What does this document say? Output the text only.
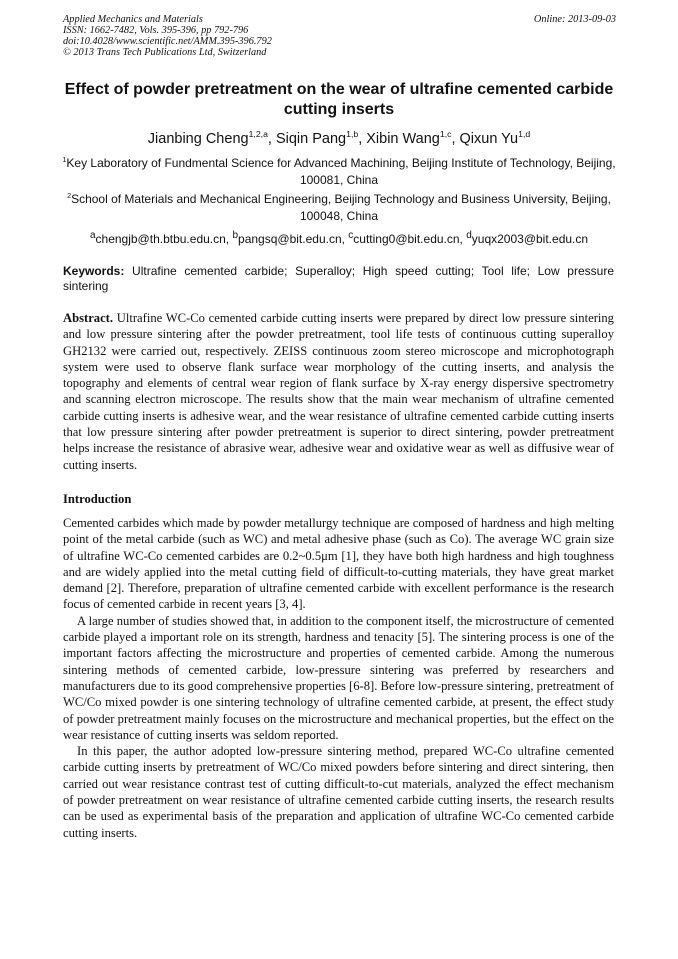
Applied Mechanics and Materials
ISSN: 1662-7482, Vols. 395-396, pp 792-796
doi:10.4028/www.scientific.net/AMM.395-396.792
© 2013 Trans Tech Publications Ltd, Switzerland
Online: 2013-09-03
Effect of powder pretreatment on the wear of ultrafine cemented carbide cutting inserts
Jianbing Cheng$^{1,2,a}$, Siqin Pang$^{1,b}$, Xibin Wang$^{1,c}$, Qixun Yu$^{1,d}$
$^1$Key Laboratory of Fundmental Science for Advanced Machining, Beijing Institute of Technology, Beijing, 100081, China
$^2$School of Materials and Mechanical Engineering, Beijing Technology and Business University, Beijing, 100048, China
$^a$chengjb@th.btbu.edu.cn, $^b$pangsq@bit.edu.cn, $^c$cutting0@bit.edu.cn, $^d$yuqx2003@bit.edu.cn
Keywords: Ultrafine cemented carbide; Superalloy; High speed cutting; Tool life; Low pressure sintering
Abstract. Ultrafine WC-Co cemented carbide cutting inserts were prepared by direct low pressure sintering and low pressure sintering after the powder pretreatment, tool life tests of continuous cutting superalloy GH2132 were carried out, respectively. ZEISS continuous zoom stereo microscope and microphotograph system were used to observe flank surface wear morphology of the cutting inserts, and analysis the topography and elements of central wear region of flank surface by X-ray energy dispersive spectrometry and scanning electron microscope. The results show that the main wear mechanism of ultrafine cemented carbide cutting inserts is adhesive wear, and the wear resistance of ultrafine cemented carbide cutting inserts that low pressure sintering after powder pretreatment is superior to direct sintering, powder pretreatment helps increase the resistance of abrasive wear, adhesive wear and oxidative wear as well as diffusive wear of cutting inserts.
Introduction

Cemented carbides which made by powder metallurgy technique are composed of hardness and high melting point of the metal carbide (such as WC) and metal adhesive phase (such as Co). The average WC grain size of ultrafine WC-Co cemented carbides are 0.2~0.5μm [1], they have both high hardness and high toughness and are widely applied into the metal cutting field of difficult-to-cutting materials, they have great market demand [2]. Therefore, preparation of ultrafine cemented carbide with excellent performance is the research focus of cemented carbide in recent years [3, 4].

A large number of studies showed that, in addition to the component itself, the microstructure of cemented carbide played a important role on its strength, hardness and tenacity [5]. The sintering process is one of the important factors affecting the microstructure and properties of cemented carbide. Among the numerous sintering methods of cemented carbide, low-pressure sintering was preferred by researchers and manufacturers due to its good comprehensive properties [6-8]. Before low-pressure sintering, pretreatment of WC/Co mixed powder is one sintering technology of ultrafine cemented carbide, at present, the effect study of powder pretreatment mainly focuses on the microstructure and mechanical properties, but the effect on the wear resistance of cutting inserts was seldom reported.

In this paper, the author adopted low-pressure sintering method, prepared WC-Co ultrafine cemented carbide cutting inserts by pretreatment of WC/Co mixed powders before sintering and direct sintering, then carried out wear resistance contrast test of cutting difficult-to-cut materials, analyzed the effect mechanism of powder pretreatment on wear resistance of ultrafine cemented carbide cutting inserts, the research results can be used as experimental basis of the preparation and application of ultrafine WC-Co cemented carbide cutting inserts.
